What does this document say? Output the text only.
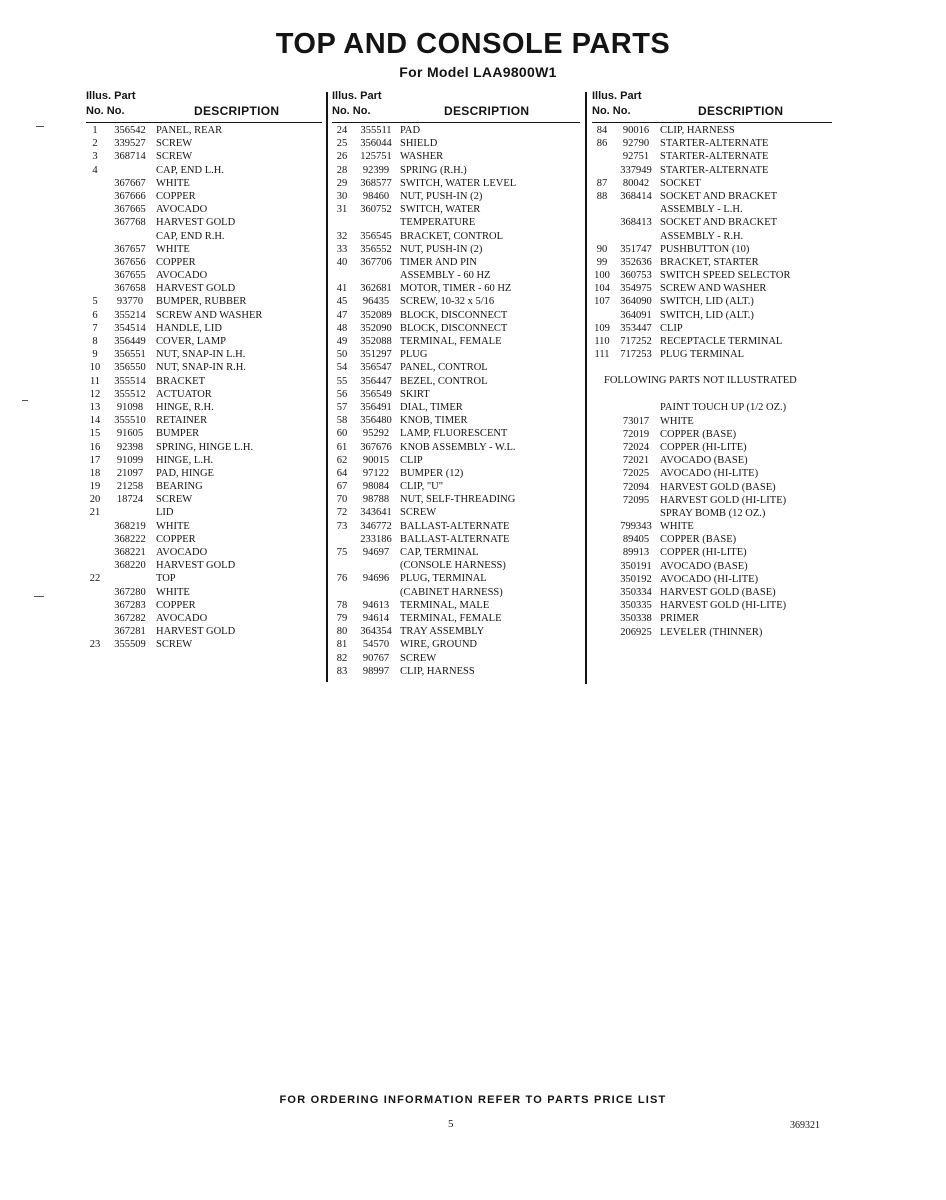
TOP AND CONSOLE PARTS
For Model LAA9800W1
Illus. Part
No. No.	DESCRIPTION
1	356542 PANEL, REAR
2	339527 SCREW
3	368714 SCREW
4	CAP, END L.H.
367667 WHITE
367666 COPPER
367665 AVOCADO
367768 HARVEST GOLD
CAP, END R.H.
367657 WHITE
367656 COPPER
367655 AVOCADO
367658 HARVEST GOLD
5	93770	BUMPER, RUBBER
6	355214 SCREW AND WASHER
7	354514 HANDLE, LID
8	356449 COVER, LAMP
9	356551 NUT, SNAP-IN L.H.
10	356550 NUT, SNAP-IN R.H.
11	355514 BRACKET
12	355512 ACTUATOR
13	91098	HINGE, R.H.
14	355510 RETAINER
15	91605	BUMPER
16	92398	SPRING, HINGE L.H.
17	91099	HINGE, L.H.
18	21097	PAD, HINGE
19	21258	BEARING
20	18724	SCREW
21	LID
368219 WHITE
368222 COPPER
368221 AVOCADO
368220 HARVEST GOLD
22	TOP
367280 WHITE
367283 COPPER
367282 AVOCADO
367281 HARVEST GOLD
23	355509 SCREW
Illus. Part
No. No.	DESCRIPTION
24	355511 PAD
25	356044 SHIELD
26	125751 WASHER
28	92399	SPRING (R.H.)
29	368577 SWITCH, WATER LEVEL
30	98460	NUT, PUSH-IN (2)
31	360752 SWITCH, WATER
TEMPERATURE
32	356545 BRACKET, CONTROL
33	356552 NUT, PUSH-IN (2)
40	367706 TIMER AND PIN
ASSEMBLY - 60 HZ
41	362681 MOTOR, TIMER - 60 HZ
45	96435	SCREW, 10-32 x 5/16
47	352089 BLOCK, DISCONNECT
48	352090 BLOCK, DISCONNECT
49	352088 TERMINAL, FEMALE
50	351297 PLUG
54	356547 PANEL, CONTROL
55	356447 BEZEL, CONTROL
56	356549 SKIRT
57	356491 DIAL, TIMER
58	356480 KNOB, TIMER
60	95292	LAMP, FLUORESCENT
61	367676 KNOB ASSEMBLY - W.L.
62	90015	CLIP
64	97122	BUMPER (12)
67	98084	CLIP, "U"
70	98788	NUT, SELF-THREADING
72	343641 SCREW
73	346772 BALLAST-ALTERNATE
233186 BALLAST-ALTERNATE
75	94697	CAP, TERMINAL
(CONSOLE HARNESS)
76	94696	PLUG, TERMINAL
(CABINET HARNESS)
78	94613	TERMINAL, MALE
79	94614	TERMINAL, FEMALE
80	364354 TRAY ASSEMBLY
81	54570	WIRE, GROUND
82	90767	SCREW
83	98997	CLIP, HARNESS
Illus. Part
No. No.	DESCRIPTION
84	90016	CLIP, HARNESS
86	92790	STARTER-ALTERNATE
92751	STARTER-ALTERNATE
337949 STARTER-ALTERNATE
87	80042	SOCKET
88	368414 SOCKET AND BRACKET
ASSEMBLY - L.H.
368413 SOCKET AND BRACKET
ASSEMBLY - R.H.
90	351747 PUSHBUTTON (10)
99	352636 BRACKET, STARTER
100 360753 SWITCH SPEED SELECTOR
104 354975 SCREW AND WASHER
107 364090 SWITCH, LID (ALT.)
364091 SWITCH, LID (ALT.)
109 353447 CLIP
110	717252 RECEPTACLE TERMINAL
111	717253 PLUG TERMINAL
FOLLOWING PARTS NOT ILLUSTRATED
PAINT TOUCH UP (1/2 OZ.)
73017	WHITE
72019	COPPER (BASE)
72024	COPPER (HI-LITE)
72021	AVOCADO (BASE)
72025	AVOCADO (HI-LITE)
72094	HARVEST GOLD (BASE)
72095	HARVEST GOLD (HI-LITE)
SPRAY BOMB (12 OZ.)
799343 WHITE
89405	COPPER (BASE)
89913	COPPER (HI-LITE)
350191 AVOCADO (BASE)
350192 AVOCADO (HI-LITE)
350334 HARVEST GOLD (BASE)
350335 HARVEST GOLD (HI-LITE)
350338 PRIMER
206925 LEVELER (THINNER)
FOR ORDERING INFORMATION REFER TO PARTS PRICE LIST
5	369321
